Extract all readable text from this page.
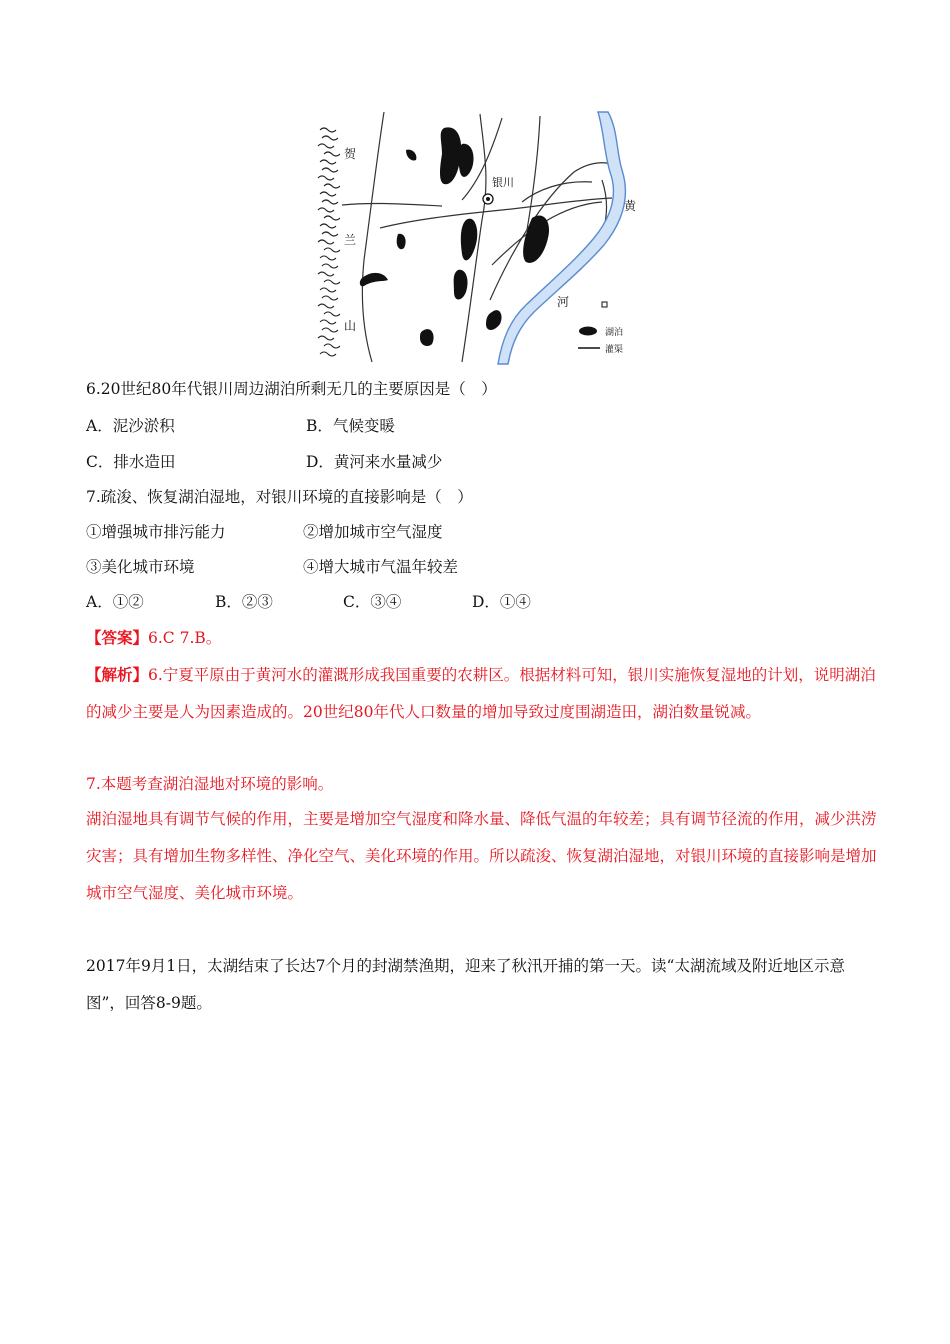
贺
兰
山
银川
黄
河
湖泊
灌渠
6.20世纪80年代银川周边湖泊所剩无几的主要原因是（　）
A．泥沙淤积	B．气候变暖
C．排水造田	D．黄河来水量减少
7.疏浚、恢复湖泊湿地，对银川环境的直接影响是（　）
①增强城市排污能力	②增加城市空气湿度
③美化城市环境	④增大城市气温年较差
A．①②	B．②③	C．③④	D．①④
【答案】6.C 7.B。
【解析】6.宁夏平原由于黄河水的灌溉形成我国重要的农耕区。根据材料可知，银川实施恢复湿地的计划，说明湖泊的减少主要是人为因素造成的。20世纪80年代人口数量的增加导致过度围湖造田，湖泊数量锐减。
7.本题考查湖泊湿地对环境的影响。
湖泊湿地具有调节气候的作用，主要是增加空气湿度和降水量、降低气温的年较差；具有调节径流的作用，减少洪涝灾害；具有增加生物多样性、净化空气、美化环境的作用。所以疏浚、恢复湖泊湿地，对银川环境的直接影响是增加城市空气湿度、美化城市环境。
2017年9月1日，太湖结束了长达7个月的封湖禁渔期，迎来了秋汛开捕的第一天。读“太湖流域及附近地区示意图”，回答8-9题。
